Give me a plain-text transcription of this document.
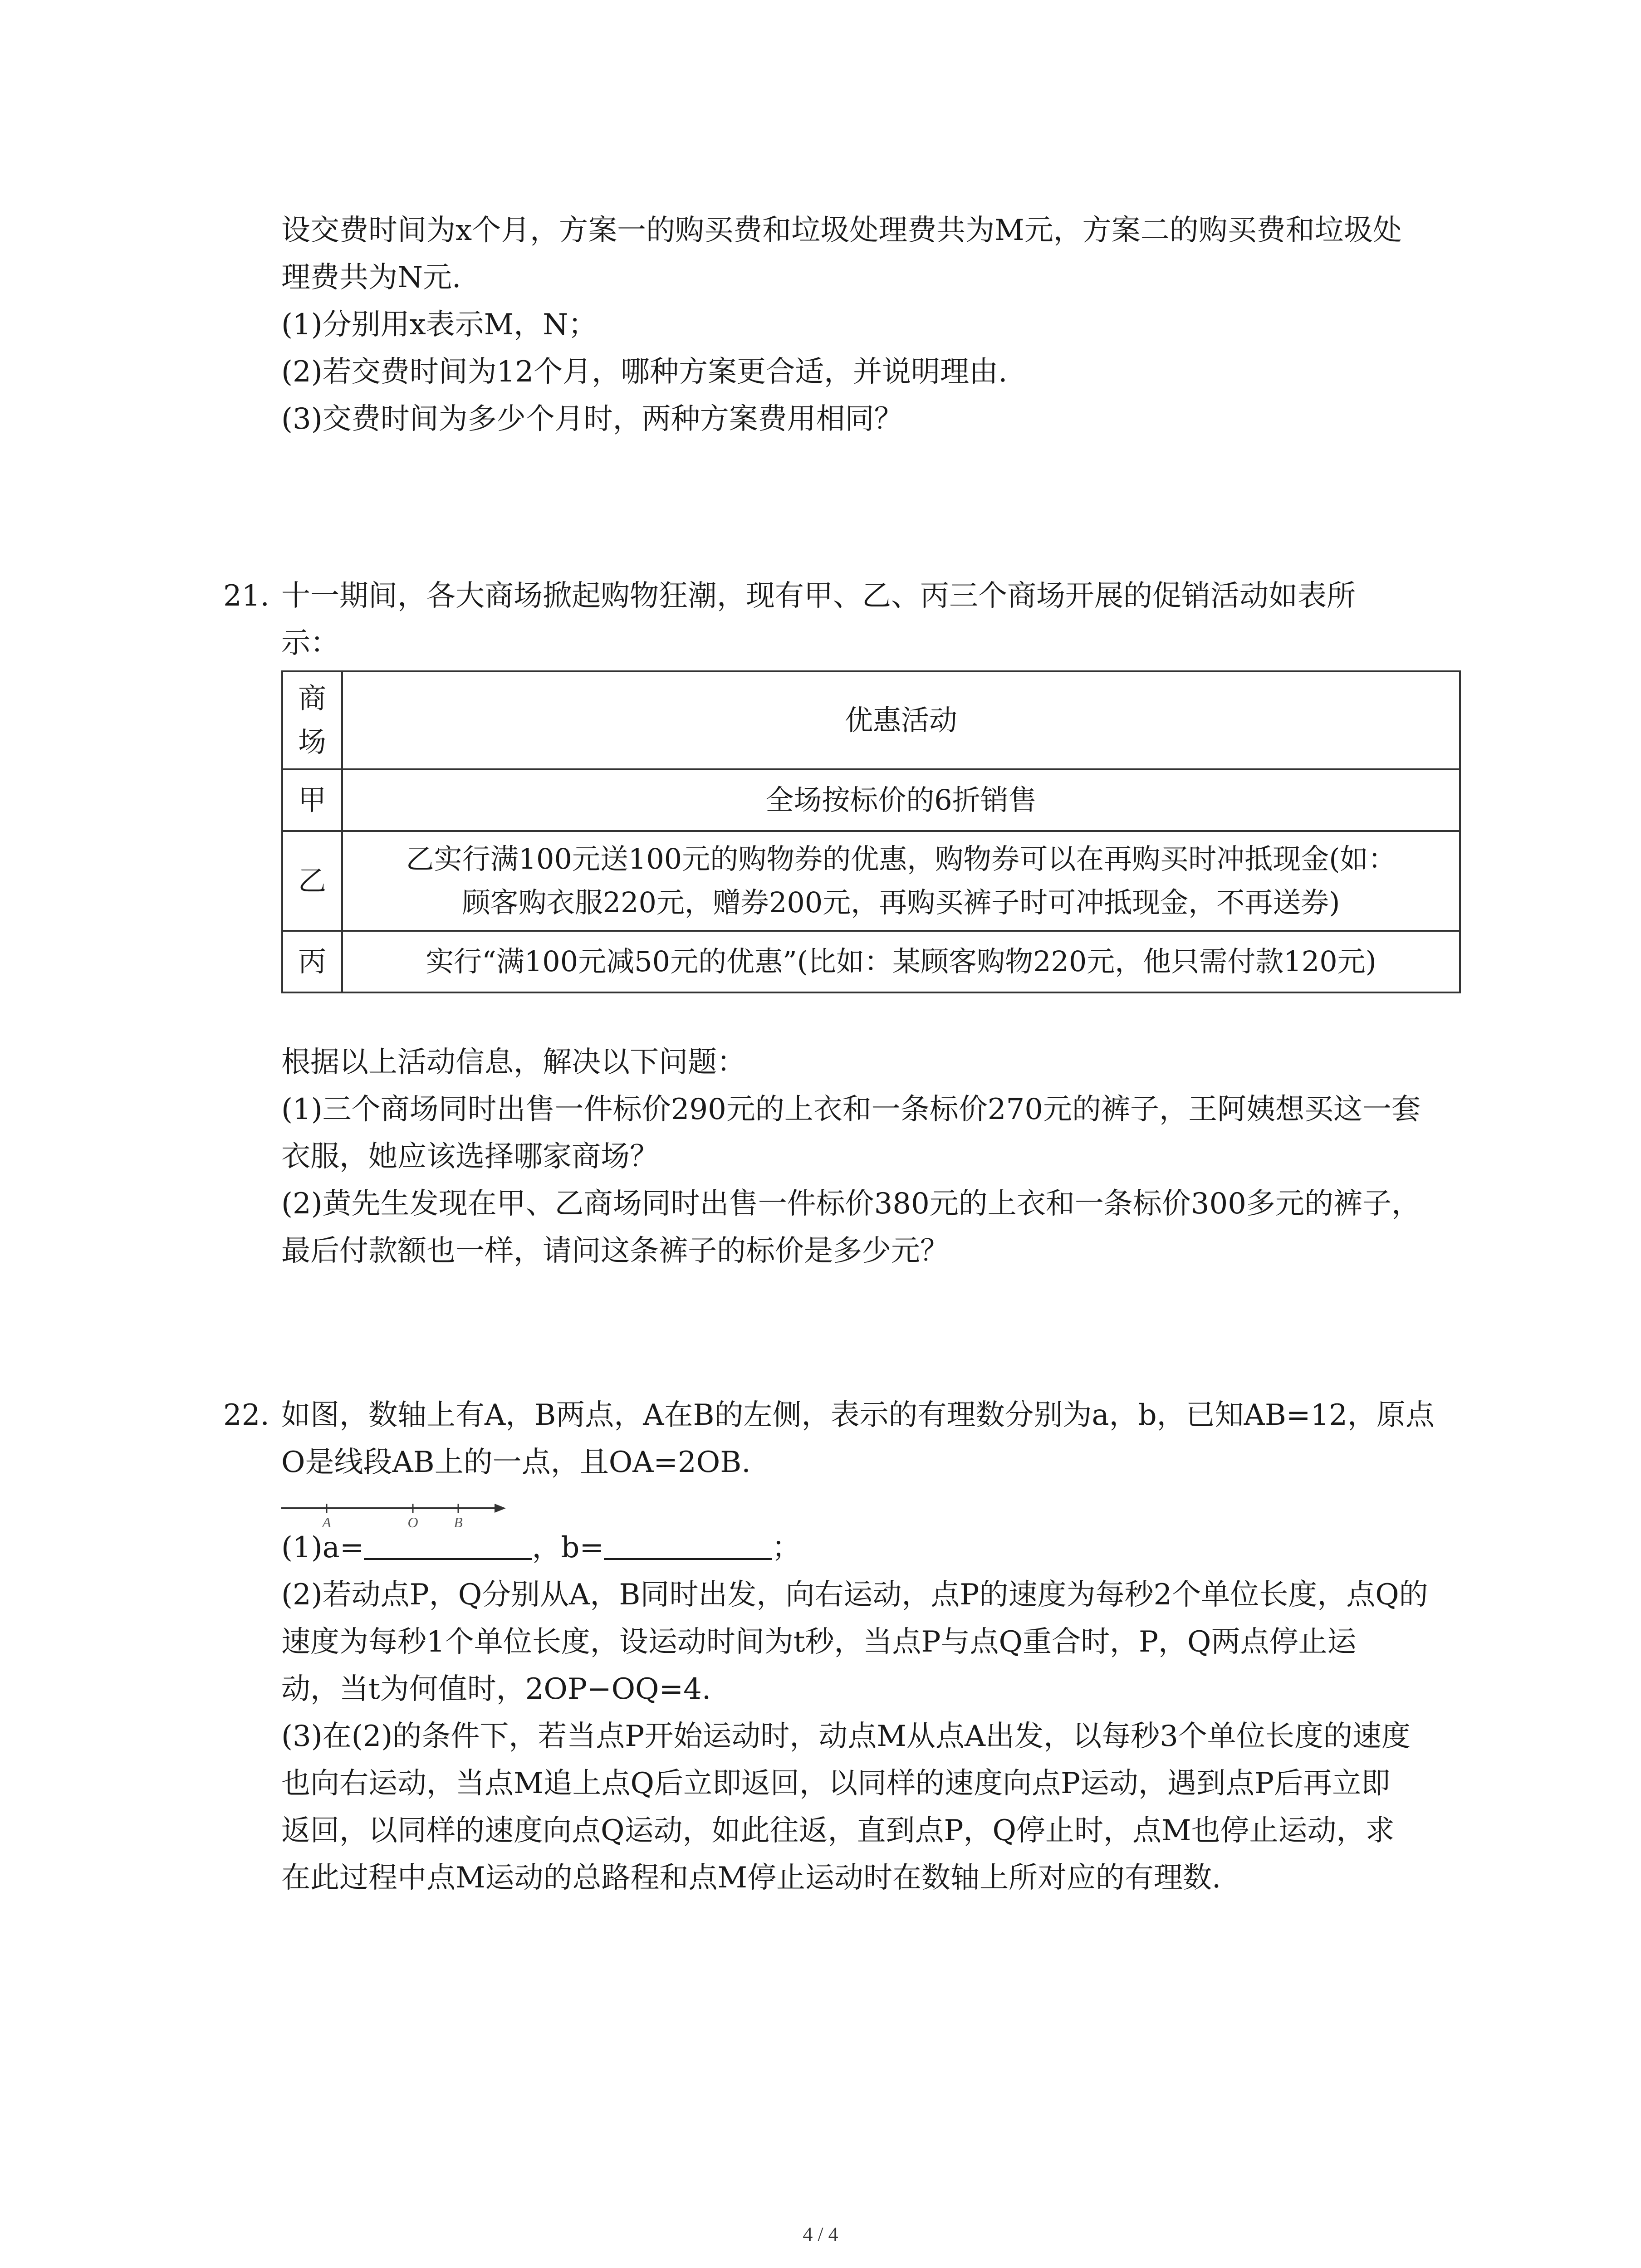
设交费时间为x个月，方案一的购买费和垃圾处理费共为M元，方案二的购买费和垃圾处
理费共为N元.
(1)分别用x表示M，N；
(2)若交费时间为12个月，哪种方案更合适，并说明理由.
(3)交费时间为多少个月时，两种方案费用相同？
21. 十一期间，各大商场掀起购物狂潮，现有甲、乙、丙三个商场开展的促销活动如表所
示：
商
场	优惠活动
甲	全场按标价的6折销售

乙	乙实行满100元送100元的购物券的优惠，购物券可以在再购买时冲抵现金(如：
顾客购衣服220元，赠券200元，再购买裤子时可冲抵现金，不再送券)

丙	实行“满100元减50元的优惠”(比如：某顾客购物220元，他只需付款120元)
根据以上活动信息，解决以下问题：
(1)三个商场同时出售一件标价290元的上衣和一条标价270元的裤子，王阿姨想买这一套
衣服，她应该选择哪家商场？
(2)黄先生发现在甲、乙商场同时出售一件标价380元的上衣和一条标价300多元的裤子，
最后付款额也一样，请问这条裤子的标价是多少元？
22. 如图，数轴上有A，B两点，A在B的左侧，表示的有理数分别为a，b，已知AB=12，原点
O是线段AB上的一点，且OA=2OB.
A	O B
(1)a=	，b=	；
(2)若动点P，Q分别从A，B同时出发，向右运动，点P的速度为每秒2个单位长度，点Q的
速度为每秒1个单位长度，设运动时间为t秒，当点P与点Q重合时，P，Q两点停止运
动，当t为何值时，2OP−OQ=4.
(3)在(2)的条件下，若当点P开始运动时，动点M从点A出发，以每秒3个单位长度的速度
也向右运动，当点M追上点Q后立即返回，以同样的速度向点P运动，遇到点P后再立即
返回，以同样的速度向点Q运动，如此往返，直到点P，Q停止时，点M也停止运动，求
在此过程中点M运动的总路程和点M停止运动时在数轴上所对应的有理数.
4 / 4
